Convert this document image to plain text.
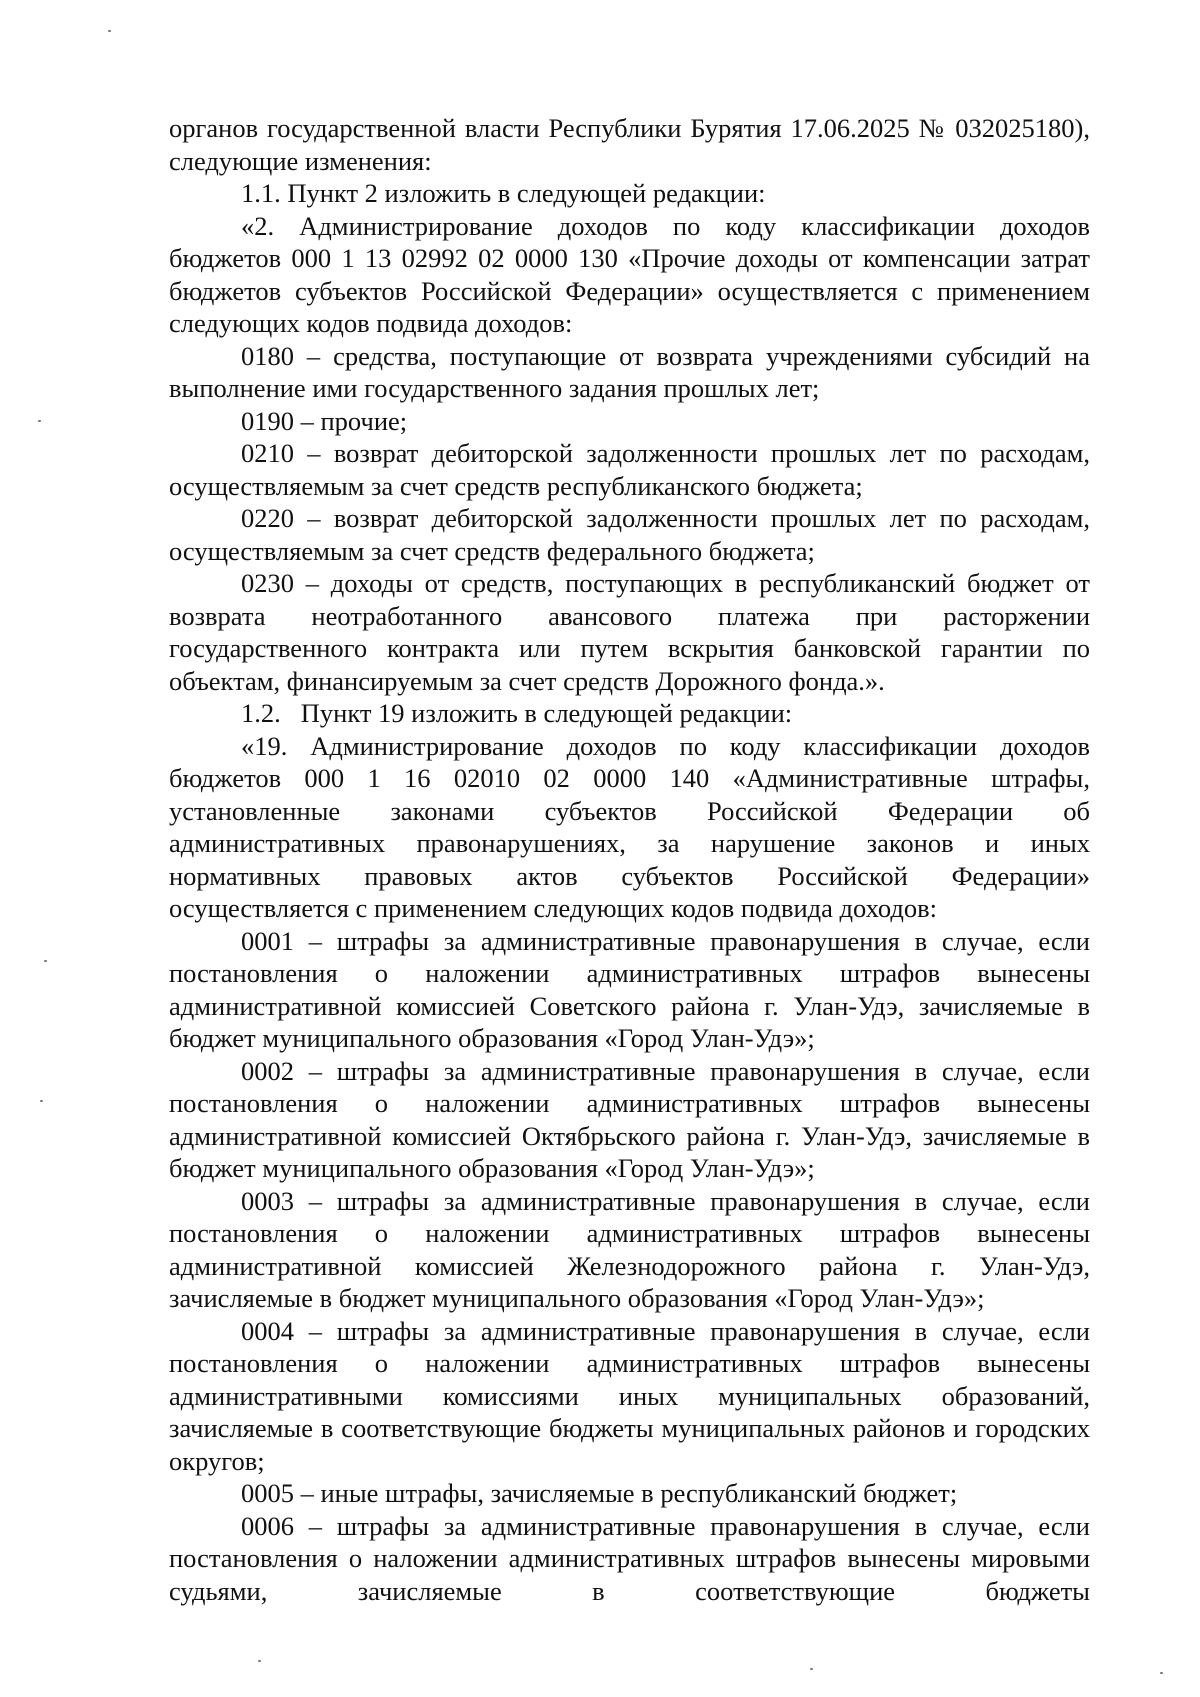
органов государственной власти Республики Бурятия 17.06.2025 № 032025180), следующие изменения:

1.1. Пункт 2 изложить в следующей редакции:

«2. Администрирование доходов по коду классификации доходов бюджетов 000 1 13 02992 02 0000 130 «Прочие доходы от компенсации затрат бюджетов субъектов Российской Федерации» осуществляется с применением следующих кодов подвида доходов:

0180 – средства, поступающие от возврата учреждениями субсидий на выполнение ими государственного задания прошлых лет;

0190 – прочие;

0210 – возврат дебиторской задолженности прошлых лет по расходам, осуществляемым за счет средств республиканского бюджета;

0220 – возврат дебиторской задолженности прошлых лет по расходам, осуществляемым за счет средств федерального бюджета;

0230 – доходы от средств, поступающих в республиканский бюджет от возврата неотработанного авансового платежа при расторжении государственного контракта или путем вскрытия банковской гарантии по объектам, финансируемым за счет средств Дорожного фонда.».

1.2. Пункт 19 изложить в следующей редакции:

«19. Администрирование доходов по коду классификации доходов бюджетов 000 1 16 02010 02 0000 140 «Административные штрафы, установленные законами субъектов Российской Федерации об административных правонарушениях, за нарушение законов и иных нормативных правовых актов субъектов Российской Федерации» осуществляется с применением следующих кодов подвида доходов:

0001 – штрафы за административные правонарушения в случае, если постановления о наложении административных штрафов вынесены административной комиссией Советского района г. Улан-Удэ, зачисляемые в бюджет муниципального образования «Город Улан-Удэ»;

0002 – штрафы за административные правонарушения в случае, если постановления о наложении административных штрафов вынесены административной комиссией Октябрьского района г. Улан-Удэ, зачисляемые в бюджет муниципального образования «Город Улан-Удэ»;

0003 – штрафы за административные правонарушения в случае, если постановления о наложении административных штрафов вынесены административной комиссией Железнодорожного района г. Улан-Удэ, зачисляемые в бюджет муниципального образования «Город Улан-Удэ»;

0004 – штрафы за административные правонарушения в случае, если постановления о наложении административных штрафов вынесены административными комиссиями иных муниципальных образований, зачисляемые в соответствующие бюджеты муниципальных районов и городских округов;

0005 – иные штрафы, зачисляемые в республиканский бюджет;

0006 – штрафы за административные правонарушения в случае, если постановления о наложении административных штрафов вынесены мировыми судьями, зачисляемые в соответствующие бюджеты
